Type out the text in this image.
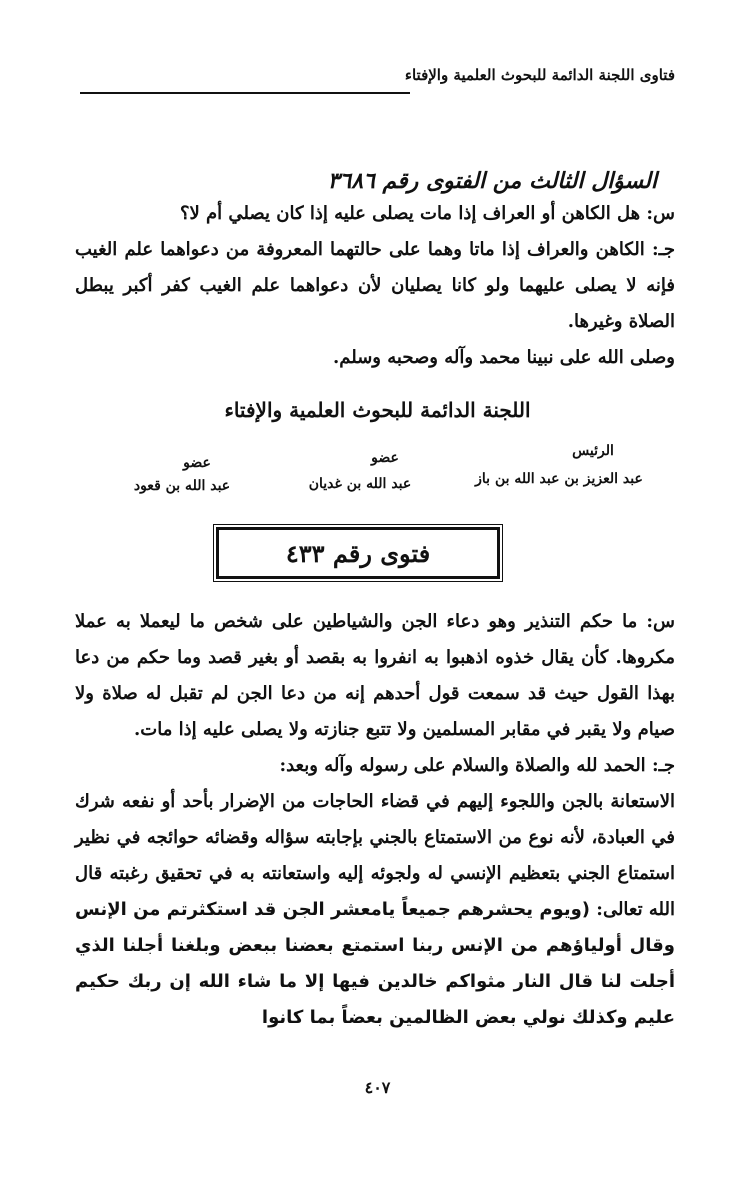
فتاوى اللجنة الدائمة للبحوث العلمية والإفتاء
السؤال الثالث من الفتوى رقم ٣٦٨٦
س: هل الكاهن أو العراف إذا مات يصلى عليه إذا كان يصلي أم لا؟
جـ: الكاهن والعراف إذا ماتا وهما على حالتهما المعروفة من دعواهما علم الغيب فإنه لا يصلى عليهما ولو كانا يصليان لأن دعواهما علم الغيب كفر أكبر يبطل الصلاة وغيرها.
وصلى الله على نبينا محمد وآله وصحبه وسلم.
اللجنة الدائمة للبحوث العلمية والإفتاء
الرئيس
عبد العزيز بن عبد الله بن باز
عضو
عبد الله بن غديان
عضو
عبد الله بن قعود
فتوى رقم ٤٣٣
س: ما حكم التنذير وهو دعاء الجن والشياطين على شخص ما ليعملا به عملا مكروها. كأن يقال خذوه اذهبوا به انفروا به بقصد أو بغير قصد وما حكم من دعا بهذا القول حيث قد سمعت قول أحدهم إنه من دعا الجن لم تقبل له صلاة ولا صيام ولا يقبر في مقابر المسلمين ولا تتبع جنازته ولا يصلى عليه إذا مات.
جـ: الحمد لله والصلاة والسلام على رسوله وآله وبعد:
الاستعانة بالجن واللجوء إليهم في قضاء الحاجات من الإضرار بأحد أو نفعه شرك في العبادة، لأنه نوع من الاستمتاع بالجني بإجابته سؤاله وقضائه حوائجه في نظير استمتاع الجني بتعظيم الإنسي له ولجوئه إليه واستعانته به في تحقيق رغبته قال الله تعالى: (ويوم يحشرهم جميعاً يامعشر الجن قد استكثرتم من الإنس وقال أولياؤهم من الإنس ربنا استمتع بعضنا ببعض وبلغنا أجلنا الذي أجلت لنا قال النار مثواكم خالدين فيها إلا ما شاء الله إن ربك حكيم عليم وكذلك نولي بعض الظالمين بعضاً بما كانوا
٤٠٧
